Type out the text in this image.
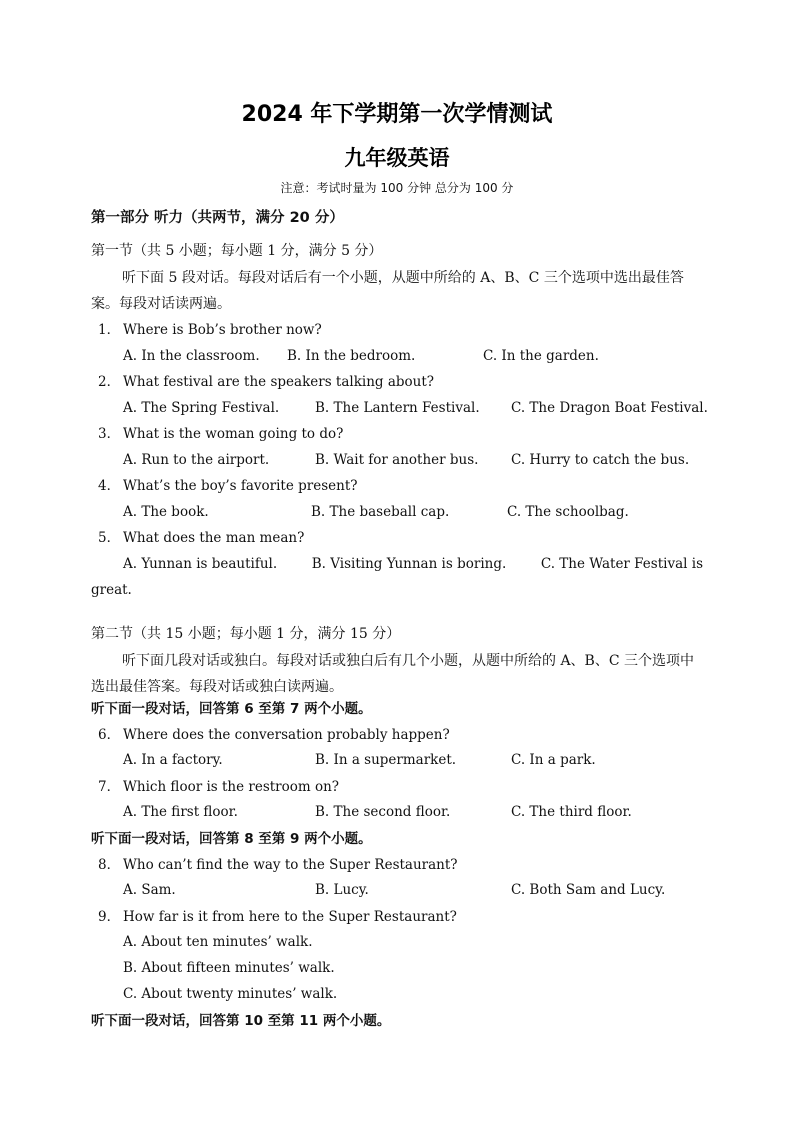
2024 年下学期第一次学情测试
九年级英语
注意：考试时量为 100 分钟 总分为 100 分
第一部分 听力（共两节，满分 20 分）
第一节（共 5 小题；每小题 1 分，满分 5 分）
听下面 5 段对话。每段对话后有一个小题，从题中所给的 A、B、C 三个选项中选出最佳答案。每段对话读两遍。
1． Where is Bob’s brother now?
A. In the classroom. B. In the bedroom.	C. In the garden.
2． What festival are the speakers talking about?
A. The Spring Festival.	B. The Lantern Festival. C. The Dragon Boat Festival.
3． What is the woman going to do?
A. Run to the airport.	B. Wait for another bus. C. Hurry to catch the bus.
4． What’s the boy’s favorite present?
A. The book.	B. The baseball cap.	C. The schoolbag.
5． What does the man mean?
A. Yunnan is beautiful.	B. Visiting Yunnan is boring.	C. The Water Festival is
great.
第二节（共 15 小题；每小题 1 分，满分 15 分）
听下面几段对话或独白。每段对话或独白后有几个小题，从题中所给的 A、B、C 三个选项中选出最佳答案。每段对话或独白读两遍。
听下面一段对话，回答第 6 至第 7 两个小题。
6． Where does the conversation probably happen?
A. In a factory.	B. In a supermarket.	C. In a park.
7． Which floor is the restroom on?
A. The first floor.	B. The second floor.	C. The third floor.
听下面一段对话，回答第 8 至第 9 两个小题。
8． Who can’t find the way to the Super Restaurant?
A. Sam.	B. Lucy.	C. Both Sam and Lucy.
9． How far is it from here to the Super Restaurant?
A. About ten minutes’ walk.
B. About fifteen minutes’ walk.
C. About twenty minutes’ walk.
听下面一段对话，回答第 10 至第 11 两个小题。
